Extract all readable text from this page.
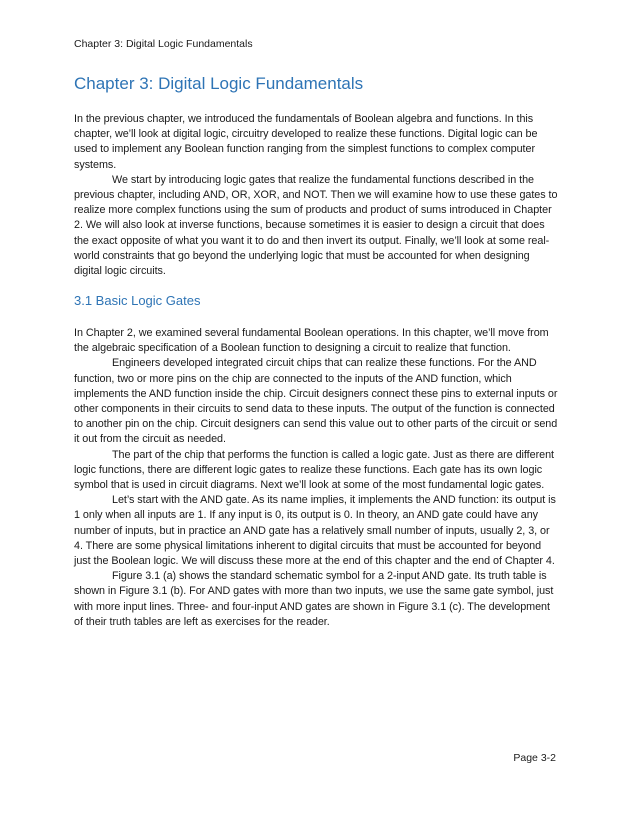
Chapter 3: Digital Logic Fundamentals
Chapter 3: Digital Logic Fundamentals

In the previous chapter, we introduced the fundamentals of Boolean algebra and functions. In this chapter, we’ll look at digital logic, circuitry developed to realize these functions. Digital logic can be used to implement any Boolean function ranging from the simplest functions to complex computer systems.

We start by introducing logic gates that realize the fundamental functions described in the previous chapter, including AND, OR, XOR, and NOT. Then we will examine how to use these gates to realize more complex functions using the sum of products and product of sums introduced in Chapter 2. We will also look at inverse functions, because sometimes it is easier to design a circuit that does the exact opposite of what you want it to do and then invert its output. Finally, we’ll look at some real-world constraints that go beyond the underlying logic that must be accounted for when designing digital logic circuits.

3.1 Basic Logic Gates

In Chapter 2, we examined several fundamental Boolean operations. In this chapter, we’ll move from the algebraic specification of a Boolean function to designing a circuit to realize that function.

Engineers developed integrated circuit chips that can realize these functions. For the AND function, two or more pins on the chip are connected to the inputs of the AND function, which implements the AND function inside the chip. Circuit designers connect these pins to external inputs or other components in their circuits to send data to these inputs. The output of the function is connected to another pin on the chip. Circuit designers can send this value out to other parts of the circuit or send it out from the circuit as needed.

The part of the chip that performs the function is called a logic gate. Just as there are different logic functions, there are different logic gates to realize these functions. Each gate has its own logic symbol that is used in circuit diagrams. Next we’ll look at some of the most fundamental logic gates.

Let’s start with the AND gate. As its name implies, it implements the AND function: its output is 1 only when all inputs are 1. If any input is 0, its output is 0. In theory, an AND gate could have any number of inputs, but in practice an AND gate has a relatively small number of inputs, usually 2, 3, or 4. There are some physical limitations inherent to digital circuits that must be accounted for beyond just the Boolean logic. We will discuss these more at the end of this chapter and the end of Chapter 4.

Figure 3.1 (a) shows the standard schematic symbol for a 2-input AND gate. Its truth table is shown in Figure 3.1 (b). For AND gates with more than two inputs, we use the same gate symbol, just with more input lines. Three- and four-input AND gates are shown in Figure 3.1 (c). The development of their truth tables are left as exercises for the reader.

Page 3-2
